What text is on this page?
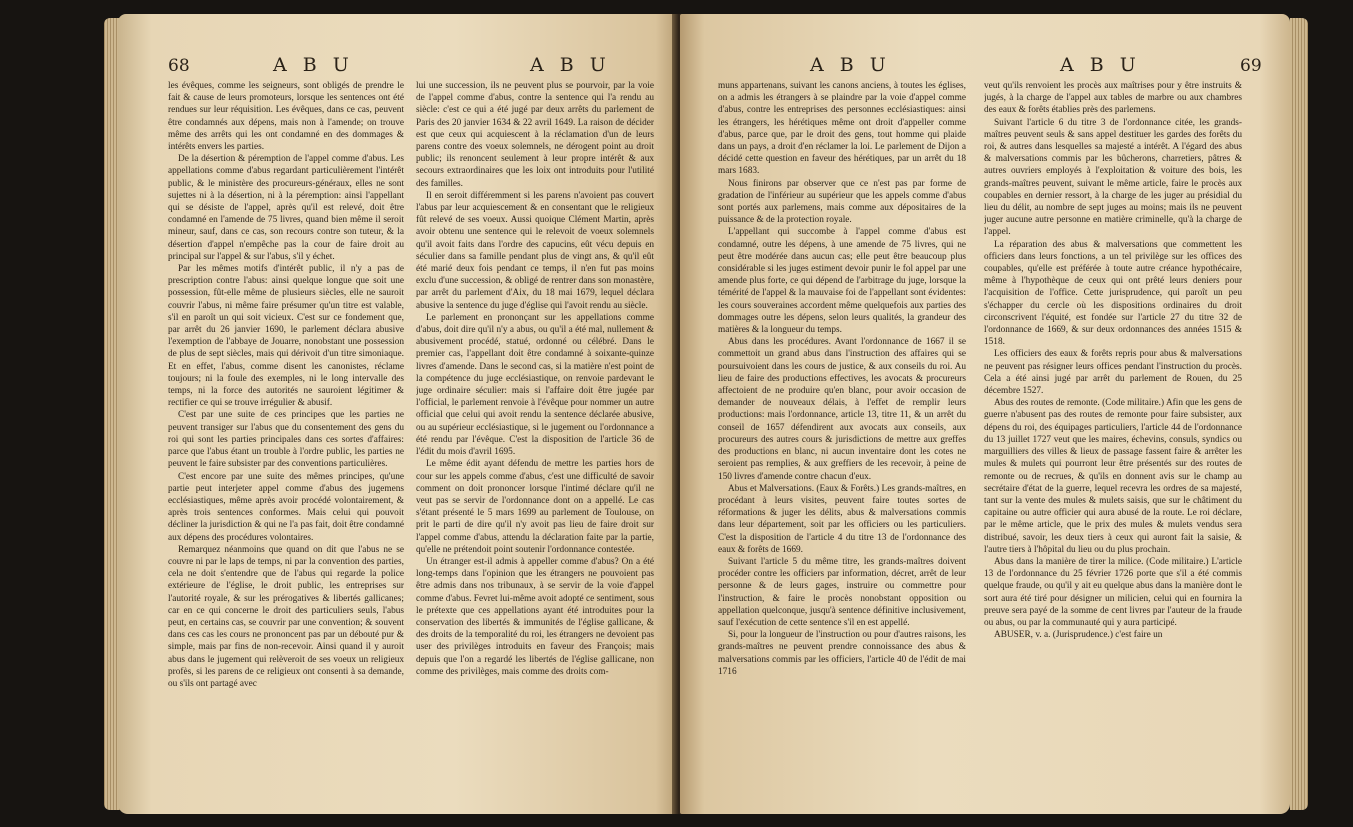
68	A B U	A B U

les évêques, comme les seigneurs, sont obligés de prendre le fait & cause de leurs promoteurs, lorsque les sentences ont été rendues sur leur réquisition. Les évêques, dans ce cas, peuvent être condamnés aux dépens, mais non à l'amende; on trouve même des arrêts qui les ont condamné en des dommages & intérêts envers les parties.

De la désertion & péremption de l'appel comme d'abus. Les appellations comme d'abus regardant particulièrement l'intérêt public, & le ministère des procureurs-généraux, elles ne sont sujettes ni à la désertion, ni à la péremption: ainsi l'appellant qui se désiste de l'appel, après qu'il est relevé, doit être condamné en l'amende de 75 livres, quand bien même il seroit mineur, sauf, dans ce cas, son recours contre son tuteur, & la désertion d'appel n'empêche pas la cour de faire droit au principal sur l'appel & sur l'abus, s'il y échet.

Par les mêmes motifs d'intérêt public, il n'y a pas de prescription contre l'abus: ainsi quelque longue que soit une possession, fût-elle même de plusieurs siècles, elle ne sauroit couvrir l'abus, ni même faire présumer qu'un titre est valable, s'il en paroît un qui soit vicieux. C'est sur ce fondement que, par arrêt du 26 janvier 1690, le parlement déclara abusive l'exemption de l'abbaye de Jouarre, nonobstant une possession de plus de sept siècles, mais qui dérivoit d'un titre simoniaque. Et en effet, l'abus, comme disent les canonistes, réclame toujours; ni la foule des exemples, ni le long intervalle des temps, ni la force des autorités ne sauroient légitimer & rectifier ce qui se trouve irrégulier & abusif.

C'est par une suite de ces principes que les parties ne peuvent transiger sur l'abus que du consentement des gens du roi qui sont les parties principales dans ces sortes d'affaires: parce que l'abus étant un trouble à l'ordre public, les parties ne peuvent le faire subsister par des conventions particulières.

C'est encore par une suite des mêmes principes, qu'une partie peut interjeter appel comme d'abus des jugemens ecclésiastiques, même après avoir procédé volontairement, & après trois sentences conformes. Mais celui qui pouvoit décliner la jurisdiction & qui ne l'a pas fait, doit être condamné aux dépens des procédures volontaires.

Remarquez néanmoins que quand on dit que l'abus ne se couvre ni par le laps de temps, ni par la convention des parties, cela ne doit s'entendre que de l'abus qui regarde la police extérieure de l'église, le droit public, les entreprises sur l'autorité royale, & sur les prérogatives & libertés gallicanes; car en ce qui concerne le droit des particuliers seuls, l'abus peut, en certains cas, se couvrir par une convention; & souvent dans ces cas les cours ne prononcent pas par un débouté pur & simple, mais par fins de non-recevoir. Ainsi quand il y auroit abus dans le jugement qui relèveroit de ses voeux un religieux profès, si les parens de ce religieux ont consenti à sa demande, ou s'ils ont partagé avec

lui une succession, ils ne peuvent plus se pourvoir, par la voie de l'appel comme d'abus, contre la sentence qui l'a rendu au siècle: c'est ce qui a été jugé par deux arrêts du parlement de Paris des 20 janvier 1634 & 22 avril 1649. La raison de décider est que ceux qui acquiescent à la réclamation d'un de leurs parens contre des voeux solemnels, ne dérogent point au droit public; ils renoncent seulement à leur propre intérêt & aux secours extraordinaires que les loix ont introduits pour l'utilité des familles.

Il en seroit différemment si les parens n'avoient pas couvert l'abus par leur acquiescement & en consentant que le religieux fût relevé de ses voeux. Aussi quoique Clément Martin, après avoir obtenu une sentence qui le relevoit de voeux solemnels qu'il avoit faits dans l'ordre des capucins, eût vécu depuis en séculier dans sa famille pendant plus de vingt ans, & qu'il eût été marié deux fois pendant ce temps, il n'en fut pas moins exclu d'une succession, & obligé de rentrer dans son monastère, par arrêt du parlement d'Aix, du 18 mai 1679, lequel déclara abusive la sentence du juge d'église qui l'avoit rendu au siècle.

Le parlement en prononçant sur les appellations comme d'abus, doit dire qu'il n'y a abus, ou qu'il a été mal, nullement & abusivement procédé, statué, ordonné ou célébré. Dans le premier cas, l'appellant doit être condamné à soixante-quinze livres d'amende. Dans le second cas, si la matière n'est point de la compétence du juge ecclésiastique, on renvoie pardevant le juge ordinaire séculier: mais si l'affaire doit être jugée par l'official, le parlement renvoie à l'évêque pour nommer un autre official que celui qui avoit rendu la sentence déclarée abusive, ou au supérieur ecclésiastique, si le jugement ou l'ordonnance a été rendu par l'évêque. C'est la disposition de l'article 36 de l'édit du mois d'avril 1695.

Le même édit ayant défendu de mettre les parties hors de cour sur les appels comme d'abus, c'est une difficulté de savoir comment on doit prononcer lorsque l'intimé déclare qu'il ne veut pas se servir de l'ordonnance dont on a appellé. Le cas s'étant présenté le 5 mars 1699 au parlement de Toulouse, on prit le parti de dire qu'il n'y avoit pas lieu de faire droit sur l'appel comme d'abus, attendu la déclaration faite par la partie, qu'elle ne prétendoit point soutenir l'ordonnance contestée.

Un étranger est-il admis à appeller comme d'abus? On a été long-temps dans l'opinion que les étrangers ne pouvoient pas être admis dans nos tribunaux, à se servir de la voie d'appel comme d'abus. Fevret lui-même avoit adopté ce sentiment, sous le prétexte que ces appellations ayant été introduites pour la conservation des libertés & immunités de l'église gallicane, & des droits de la temporalité du roi, les étrangers ne devoient pas user des privilèges introduits en faveur des François; mais depuis que l'on a regardé les libertés de l'église gallicane, non comme des privilèges, mais comme des droits com-

A B U	A B U	69

muns appartenans, suivant les canons anciens, à toutes les églises, on a admis les étrangers à se plaindre par la voie d'appel comme d'abus, contre les entreprises des personnes ecclésiastiques: ainsi les étrangers, les hérétiques même ont droit d'appeller comme d'abus, parce que, par le droit des gens, tout homme qui plaide dans un pays, a droit d'en réclamer la loi. Le parlement de Dijon a décidé cette question en faveur des hérétiques, par un arrêt du 18 mars 1683.

Nous finirons par observer que ce n'est pas par forme de gradation de l'inférieur au supérieur que les appels comme d'abus sont portés aux parlemens, mais comme aux dépositaires de la puissance & de la protection royale.

L'appellant qui succombe à l'appel comme d'abus est condamné, outre les dépens, à une amende de 75 livres, qui ne peut être modérée dans aucun cas; elle peut être beaucoup plus considérable si les juges estiment devoir punir le fol appel par une amende plus forte, ce qui dépend de l'arbitrage du juge, lorsque la témérité de l'appel & la mauvaise foi de l'appellant sont évidentes: les cours souveraines accordent même quelquefois aux parties des dommages outre les dépens, selon leurs qualités, la grandeur des matières & la longueur du temps.

Abus dans les procédures. Avant l'ordonnance de 1667 il se commettoit un grand abus dans l'instruction des affaires qui se poursuivoient dans les cours de justice, & aux conseils du roi. Au lieu de faire des productions effectives, les avocats & procureurs affectoient de ne produire qu'en blanc, pour avoir occasion de demander de nouveaux délais, à l'effet de remplir leurs productions: mais l'ordonnance, article 13, titre 11, & un arrêt du conseil de 1657 défendirent aux avocats aux conseils, aux procureurs des autres cours & jurisdictions de mettre aux greffes des productions en blanc, ni aucun inventaire dont les cotes ne seroient pas remplies, & aux greffiers de les recevoir, à peine de 150 livres d'amende contre chacun d'eux.

Abus et Malversations. (Eaux & Forêts.) Les grands-maîtres, en procédant à leurs visites, peuvent faire toutes sortes de réformations & juger les délits, abus & malversations commis dans leur département, soit par les officiers ou les particuliers. C'est la disposition de l'article 4 du titre 13 de l'ordonnance des eaux & forêts de 1669.

Suivant l'article 5 du même titre, les grands-maîtres doivent procéder contre les officiers par information, décret, arrêt de leur personne & de leurs gages, instruire ou commettre pour l'instruction, & faire le procès nonobstant opposition ou appellation quelconque, jusqu'à sentence définitive inclusivement, sauf l'exécution de cette sentence s'il en est appellé.

Si, pour la longueur de l'instruction ou pour d'autres raisons, les grands-maîtres ne peuvent prendre connoissance des abus & malversations commis par les officiers, l'article 40 de l'édit de mai 1716

veut qu'ils renvoient les procès aux maîtrises pour y être instruits & jugés, à la charge de l'appel aux tables de marbre ou aux chambres des eaux & forêts établies près des parlemens.

Suivant l'article 6 du titre 3 de l'ordonnance citée, les grands-maîtres peuvent seuls & sans appel destituer les gardes des forêts du roi, & autres dans lesquelles sa majesté a intérêt. A l'égard des abus & malversations commis par les bûcherons, charretiers, pâtres & autres ouvriers employés à l'exploitation & voiture des bois, les grands-maîtres peuvent, suivant le même article, faire le procès aux coupables en dernier ressort, à la charge de les juger au présidial du lieu du délit, au nombre de sept juges au moins; mais ils ne peuvent juger aucune autre personne en matière criminelle, qu'à la charge de l'appel.

La réparation des abus & malversations que commettent les officiers dans leurs fonctions, a un tel privilège sur les offices des coupables, qu'elle est préférée à toute autre créance hypothécaire, même à l'hypothèque de ceux qui ont prêté leurs deniers pour l'acquisition de l'office. Cette jurisprudence, qui paroît un peu s'échapper du cercle où les dispositions ordinaires du droit circonscrivent l'équité, est fondée sur l'article 27 du titre 32 de l'ordonnance de 1669, & sur deux ordonnances des années 1515 & 1518.

Les officiers des eaux & forêts repris pour abus & malversations ne peuvent pas résigner leurs offices pendant l'instruction du procès. Cela a été ainsi jugé par arrêt du parlement de Rouen, du 25 décembre 1527.

Abus des routes de remonte. (Code militaire.) Afin que les gens de guerre n'abusent pas des routes de remonte pour faire subsister, aux dépens du roi, des équipages particuliers, l'article 44 de l'ordonnance du 13 juillet 1727 veut que les maires, échevins, consuls, syndics ou marguilliers des villes & lieux de passage fassent faire & arrêter les mules & mulets qui pourront leur être présentés sur des routes de remonte ou de recrues, & qu'ils en donnent avis sur le champ au secrétaire d'état de la guerre, lequel recevra les ordres de sa majesté, tant sur la vente des mules & mulets saisis, que sur le châtiment du capitaine ou autre officier qui aura abusé de la route. Le roi déclare, par le même article, que le prix des mules & mulets vendus sera distribué, savoir, les deux tiers à ceux qui auront fait la saisie, & l'autre tiers à l'hôpital du lieu ou du plus prochain.

Abus dans la manière de tirer la milice. (Code militaire.) L'article 13 de l'ordonnance du 25 février 1726 porte que s'il a été commis quelque fraude, ou qu'il y ait eu quelque abus dans la manière dont le sort aura été tiré pour désigner un milicien, celui qui en fournira la preuve sera payé de la somme de cent livres par l'auteur de la fraude ou abus, ou par la communauté qui y aura participé.

ABUSER, v. a. (Jurisprudence.) c'est faire un
